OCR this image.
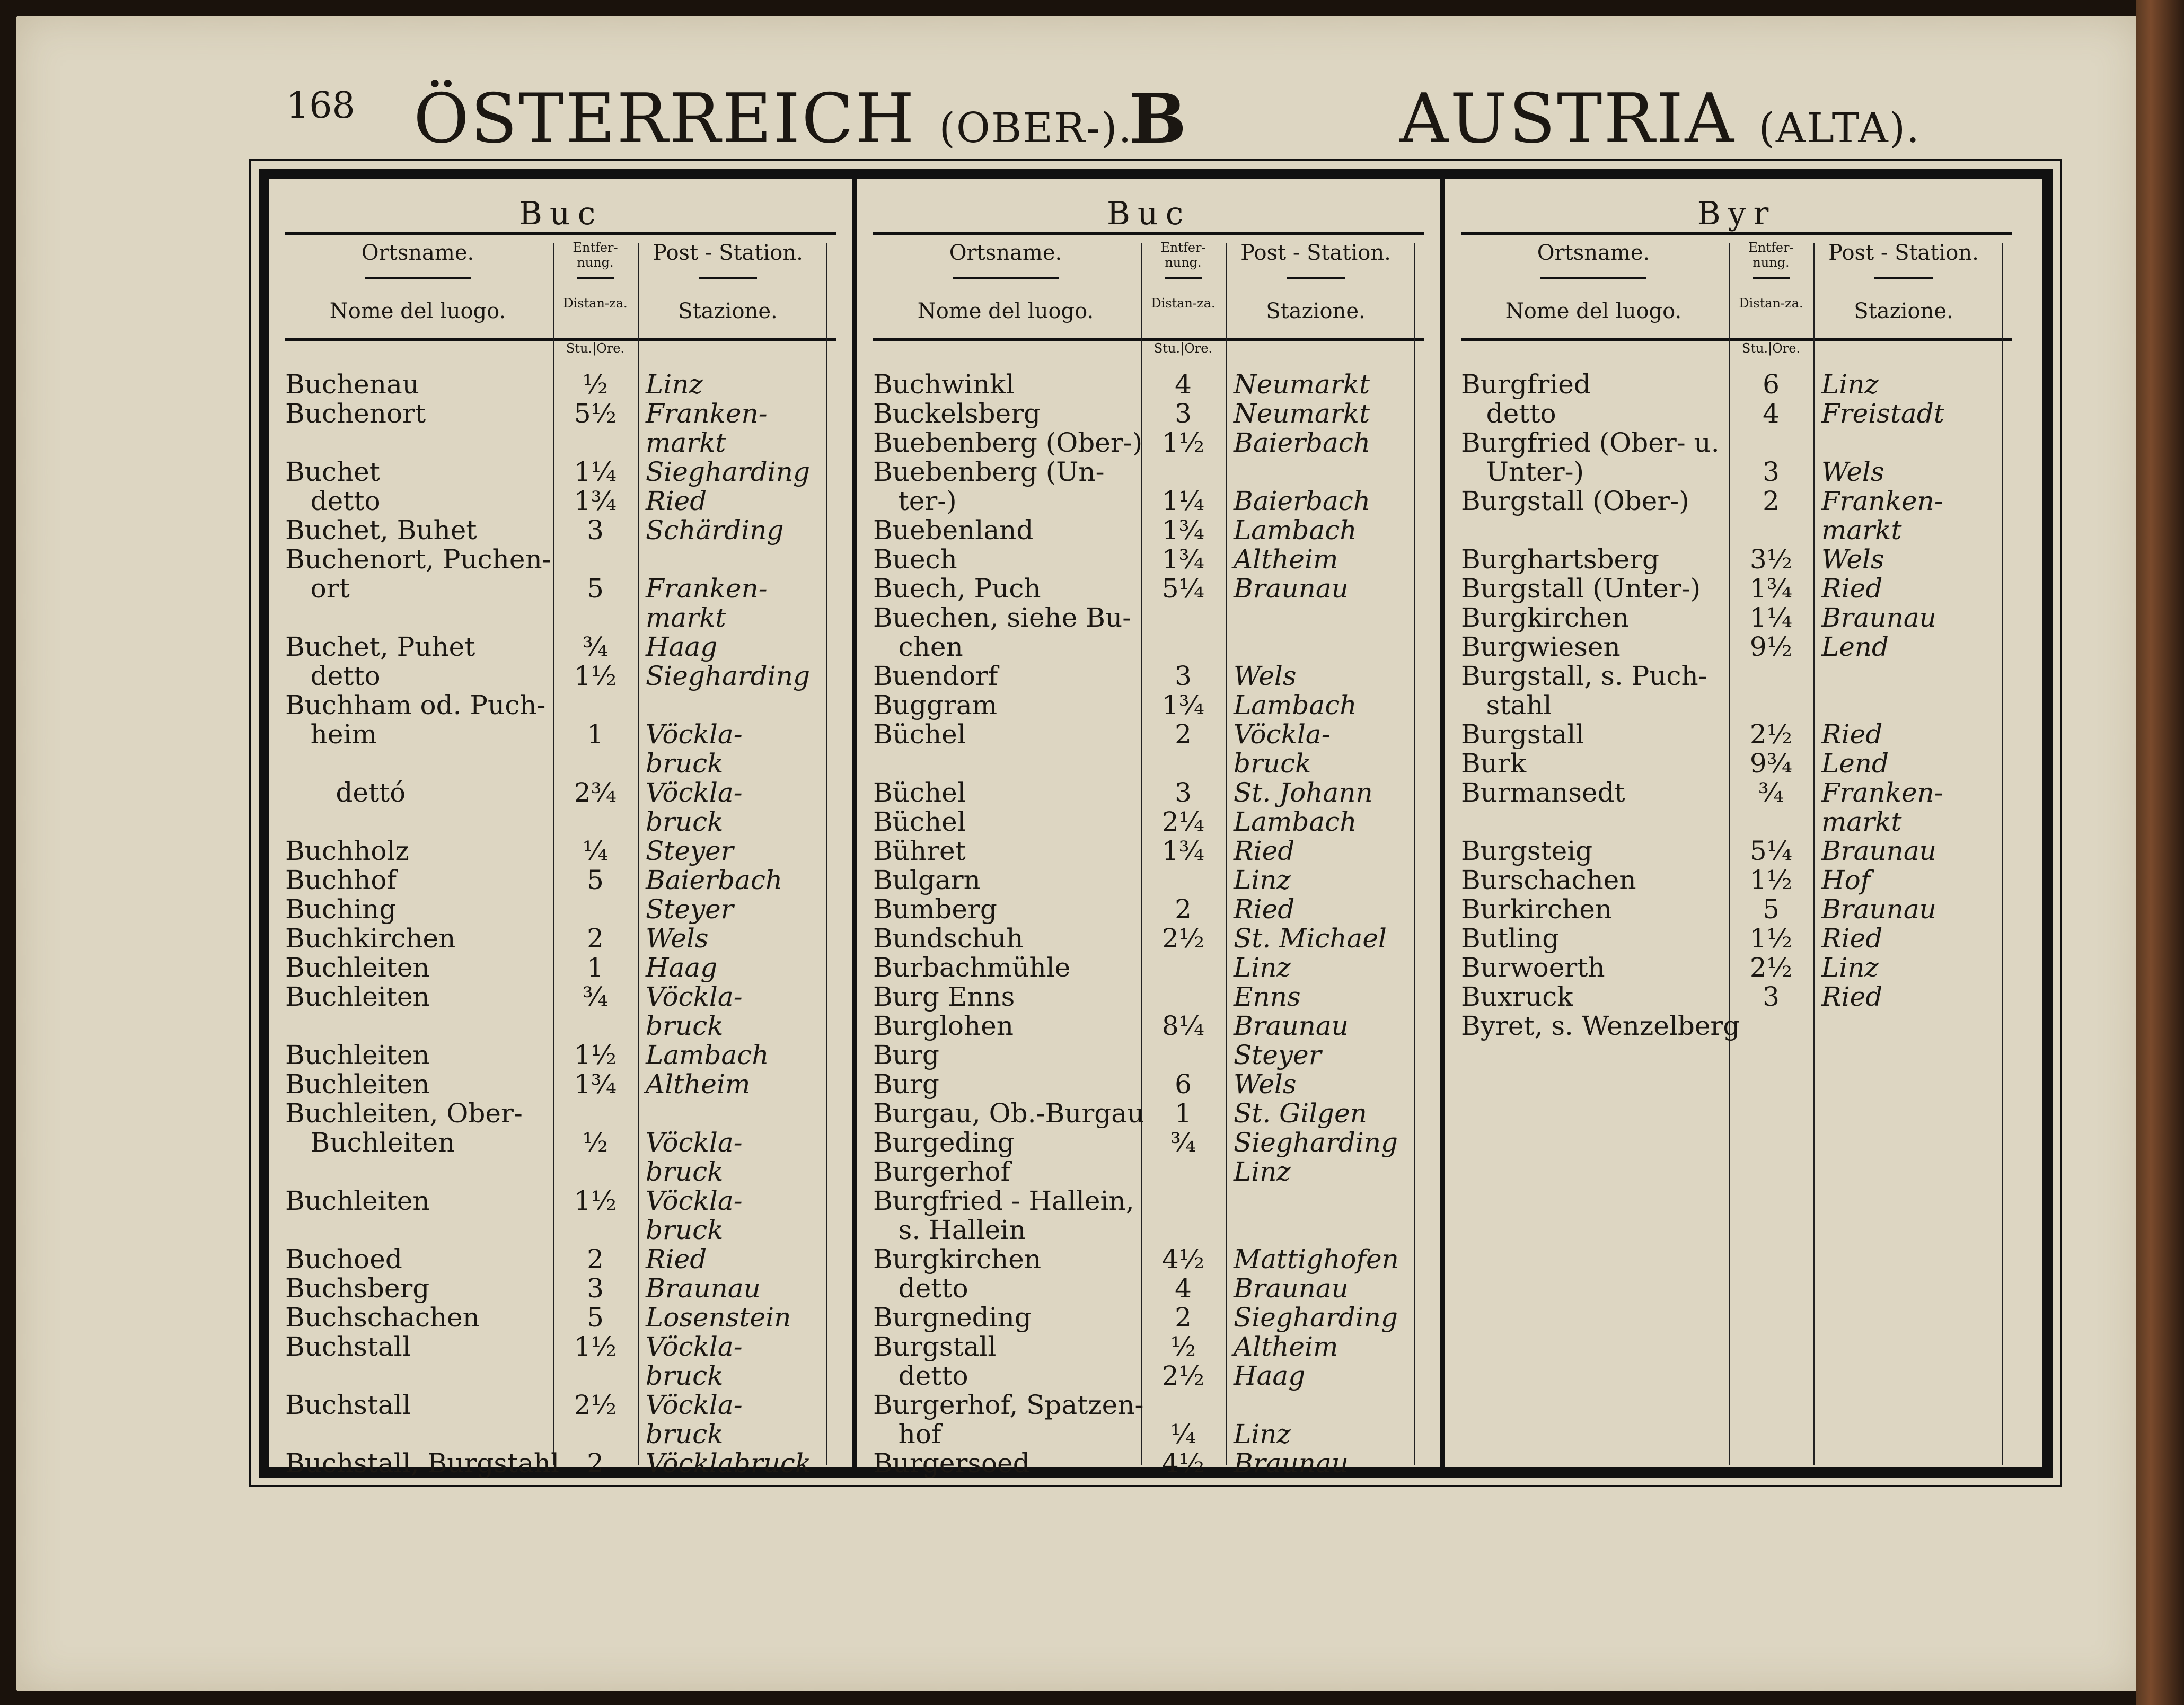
168 ÖSTERREICH (OBER-).
B	AUSTRIA (ALTA).
Buc
Ortsname.
Nome del luogo.
Entfer-nung.
Distan-za.
Post - Station.
Stazione.
Stu.|Ore.
Buchenau	½	Linz
Buchenort	5½	Franken-
markt
Buchet	1¼	Sieghardіng
detto	1¾	Ried
Buchet, Buhet	3	Schärding
Buchenort, Puchen-
ort	5	Franken-
markt
Buchet, Puhet	¾	Haag
detto	1½	Sieghardіng
Buchham od. Puch-
heim	1	Vöckla-
bruck
dettó	2¾	Vöckla-
bruck
Buchholz	¼	Steyer
Buchhof	5	Baierbach
Buching	Steyer
Buchkirchen	2	Wels
Buchleiten	1	Haag
Buchleiten	¾	Vöckla-
bruck
Buchleiten	1½	Lambach
Buchleiten	1¾	Altheim
Buchleiten, Ober-
Buchleiten	½	Vöckla-
bruck
Buchleiten	1½	Vöckla-
bruck
Buchoed	2	Ried
Buchsberg	3	Braunau
Buchschachen	5	Losenstein
Buchstall	1½	Vöckla-
bruck
Buchstall	2½	Vöckla-
bruck
Buchstall, Burgstahl	2	Vöcklabruck
Buc
Ortsname.
Nome del luogo.
Entfer-nung.
Distan-za.
Post - Station.
Stazione.
Stu.|Ore.
Buchwinkl	4	Neumarkt
Buckelsberg	3	Neumarkt
Buebenberg (Ober-) 1½	Baierbach
Buebenberg (Un-
ter-)	1¼	Baierbach
Buebenland	1¾	Lambach
Buech	1¾	Altheim
Buech, Puch	5¼	Braunau
Buechen, siehe Bu-
chen
Buendorf	3	Wels
Buggram	1¾	Lambach
Büchel	2	Vöckla-
bruck
Büchel	3	St. Johann
Büchel	2¼	Lambach
Bühret	1¾	Ried
Bulgarn	Linz
Bumberg	2	Ried
Bundschuh	2½	St. Michael
Burbachmühle	Linz
Burg Enns	Enns
Burglohen	8¼	Braunau
Burg	Steyer
Burg	6	Wels
Burgau, Ob.-Burgau	1	St. Gilgen
Burgeding	¾	Sieghardіng
Burgerhof	Linz
Burgfried - Hallein,
s. Hallein
Burgkirchen	4½	Mattighofen
detto	4	Braunau
Burgneding	2	Sieghardіng
Burgstall	½	Altheim
detto	2½	Haag
Burgerhof, Spatzen-
hof	¼	Linz
Burgersoed	4½	Braunau
Byr
Ortsname.
Nome del luogo.
Entfer-nung.
Distan-za.
Post - Station.
Stazione.
Stu.|Ore.
Burgfried	6	Linz
detto	4	Freistadt
Burgfried (Ober- u.
Unter-)	3	Wels
Burgstall (Ober-)	2	Franken-
markt
Burghartsberg	3½	Wels
Burgstall (Unter-)	1¾	Ried
Burgkirchen	1¼	Braunau
Burgwiesen	9½	Lend
Burgstall, s. Puch-
stahl
Burgstall	2½	Ried
Burk	9¾	Lend
Burmansedt	¾	Franken-
markt
Burgsteig	5¼	Braunau
Burschachen	1½	Hof
Burkirchen	5	Braunau
Butling	1½	Ried
Burwoerth	2½	Linz
Buxruck	3	Ried
Byret, s. Wenzelberg
